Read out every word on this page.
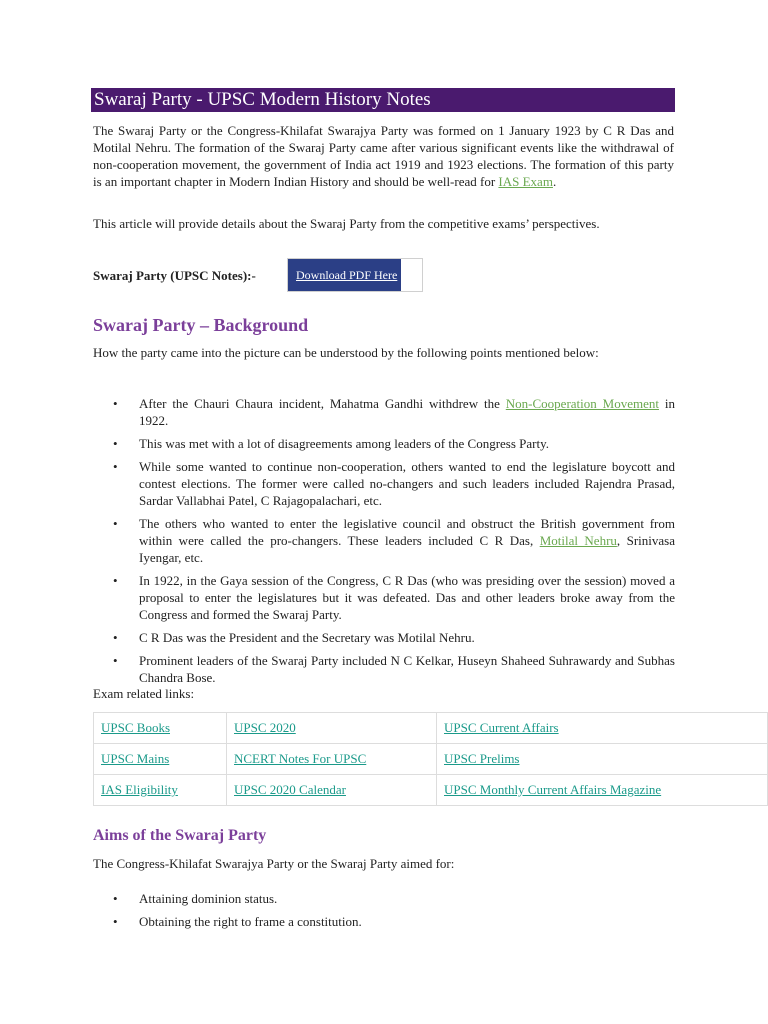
Swaraj Party - UPSC Modern History Notes

The Swaraj Party or the Congress-Khilafat Swarajya Party was formed on 1 January 1923 by C R Das and Motilal Nehru. The formation of the Swaraj Party came after various significant events like the withdrawal of non-cooperation movement, the government of India act 1919 and 1923 elections. The formation of this party is an important chapter in Modern Indian History and should be well-read for IAS Exam.

This article will provide details about the Swaraj Party from the competitive exams’ perspectives.

Swaraj Party (UPSC Notes):-	Download PDF Here
Swaraj Party – Background

How the party came into the picture can be understood by the following points mentioned below:

• After the Chauri Chaura incident, Mahatma Gandhi withdrew the Non-Cooperation Movement in 1922.
• This was met with a lot of disagreements among leaders of the Congress Party.
• While some wanted to continue non-cooperation, others wanted to end the legislature boycott and contest elections. The former were called no-changers and such leaders included Rajendra Prasad, Sardar Vallabhai Patel, C Rajagopalachari, etc.
• The others who wanted to enter the legislative council and obstruct the British government from within were called the pro-changers. These leaders included C R Das, Motilal Nehru, Srinivasa Iyengar, etc.
• In 1922, in the Gaya session of the Congress, C R Das (who was presiding over the session) moved a proposal to enter the legislatures but it was defeated. Das and other leaders broke away from the Congress and formed the Swaraj Party.
• C R Das was the President and the Secretary was Motilal Nehru.
• Prominent leaders of the Swaraj Party included N C Kelkar, Huseyn Shaheed Suhrawardy and Subhas Chandra Bose.
Exam related links:
UPSC Books	UPSC 2020	UPSC Current Affairs
UPSC Mains	NCERT Notes For UPSC	UPSC Prelims
IAS Eligibility	UPSC 2020 Calendar	UPSC Monthly Current Affairs Magazine
Aims of the Swaraj Party

The Congress-Khilafat Swarajya Party or the Swaraj Party aimed for:

• Attaining dominion status.
• Obtaining the right to frame a constitution.
